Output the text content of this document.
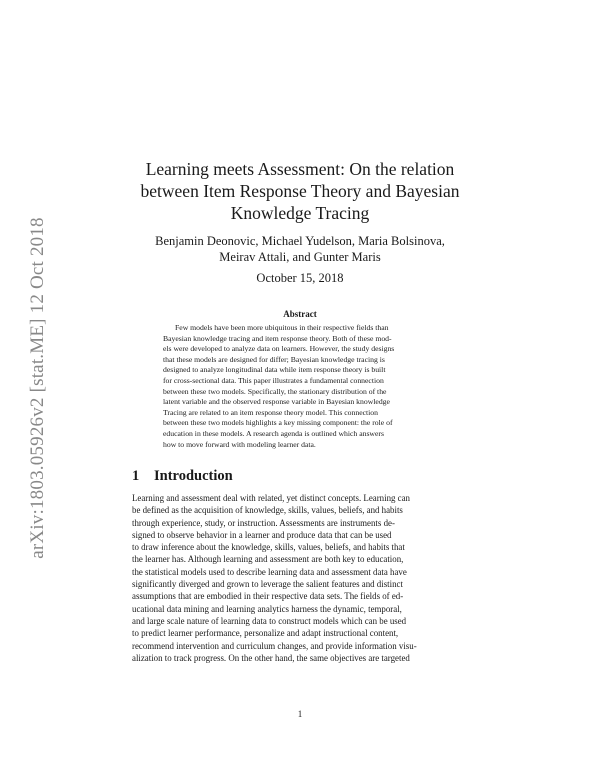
arXiv:1803.05926v2 [stat.ME] 12 Oct 2018
Learning meets Assessment: On the relation
between Item Response Theory and Bayesian
Knowledge Tracing
Benjamin Deonovic, Michael Yudelson, Maria Bolsinova,
Meirav Attali, and Gunter Maris
October 15, 2018
Abstract
Few models have been more ubiquitous in their respective fields than
Bayesian knowledge tracing and item response theory. Both of these mod-
els were developed to analyze data on learners. However, the study designs
that these models are designed for differ; Bayesian knowledge tracing is
designed to analyze longitudinal data while item response theory is built
for cross-sectional data. This paper illustrates a fundamental connection
between these two models. Specifically, the stationary distribution of the
latent variable and the observed response variable in Bayesian knowledge
Tracing are related to an item response theory model. This connection
between these two models highlights a key missing component: the role of
education in these models. A research agenda is outlined which answers
how to move forward with modeling learner data.
1 Introduction
Learning and assessment deal with related, yet distinct concepts. Learning can
be defined as the acquisition of knowledge, skills, values, beliefs, and habits
through experience, study, or instruction. Assessments are instruments de-
signed to observe behavior in a learner and produce data that can be used
to draw inference about the knowledge, skills, values, beliefs, and habits that
the learner has. Although learning and assessment are both key to education,
the statistical models used to describe learning data and assessment data have
significantly diverged and grown to leverage the salient features and distinct
assumptions that are embodied in their respective data sets. The fields of ed-
ucational data mining and learning analytics harness the dynamic, temporal,
and large scale nature of learning data to construct models which can be used
to predict learner performance, personalize and adapt instructional content,
recommend intervention and curriculum changes, and provide information visu-
alization to track progress. On the other hand, the same objectives are targeted
1
